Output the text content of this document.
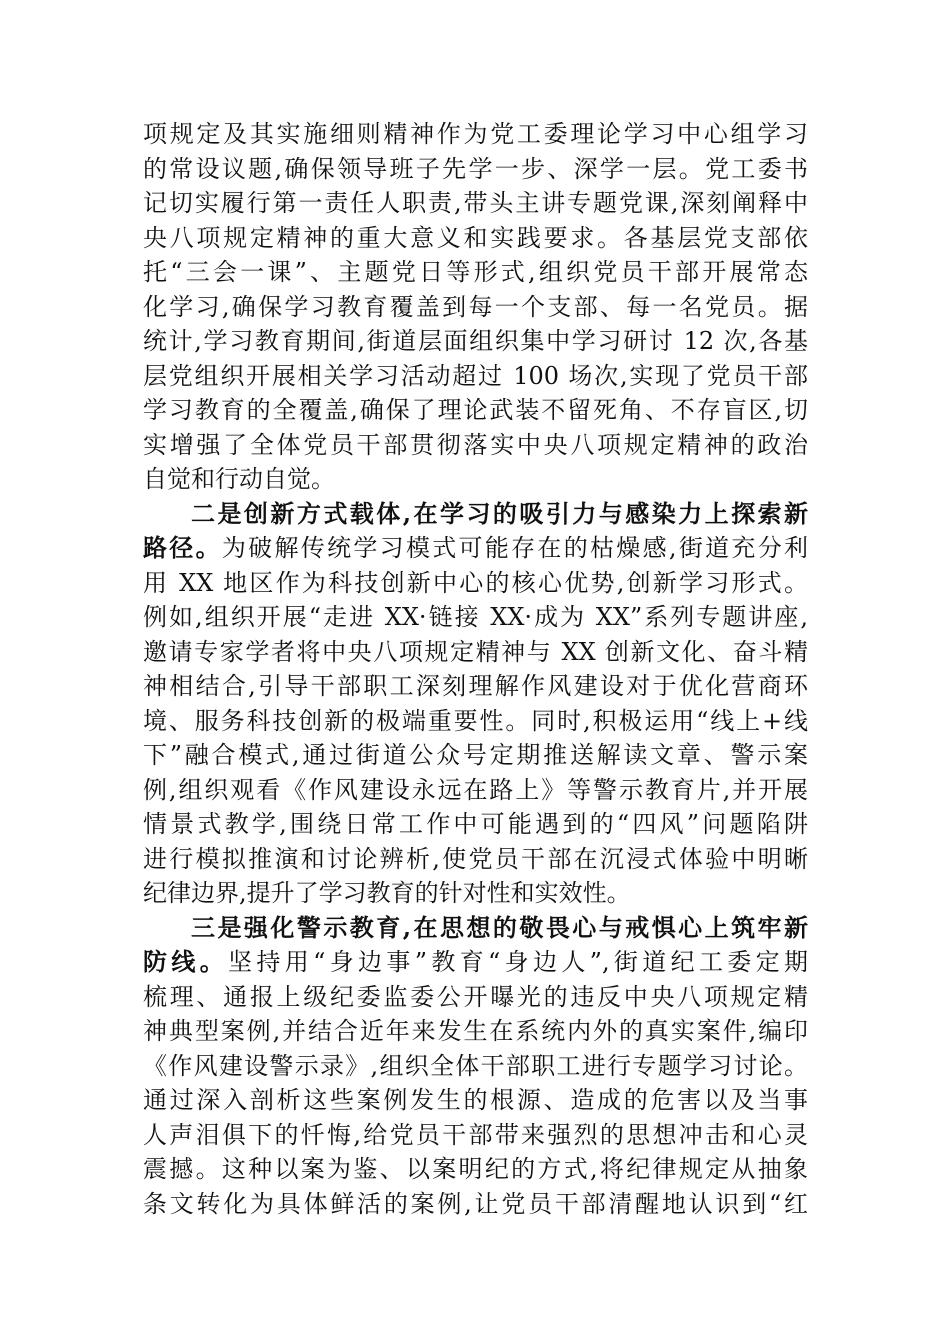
项规定及其实施细则精神作为党工委理论学习中心组学习
的常设议题,确保领导班子先学一步、深学一层。党工委书
记切实履行第一责任人职责,带头主讲专题党课,深刻阐释中
央八项规定精神的重大意义和实践要求。各基层党支部依
托“三会一课”、主题党日等形式,组织党员干部开展常态
化学习,确保学习教育覆盖到每一个支部、每一名党员。据
统计,学习教育期间,街道层面组织集中学习研讨 12 次,各基
层党组织开展相关学习活动超过 100 场次,实现了党员干部
学习教育的全覆盖,确保了理论武装不留死角、不存盲区,切
实增强了全体党员干部贯彻落实中央八项规定精神的政治
自觉和行动自觉。
二是创新方式载体,在学习的吸引力与感染力上探索新
路径。为破解传统学习模式可能存在的枯燥感,街道充分利
用 XX 地区作为科技创新中心的核心优势,创新学习形式。
例如,组织开展“走进 XX·链接 XX·成为 XX”系列专题讲座,
邀请专家学者将中央八项规定精神与 XX 创新文化、奋斗精
神相结合,引导干部职工深刻理解作风建设对于优化营商环
境、服务科技创新的极端重要性。同时,积极运用“线上+线
下”融合模式,通过街道公众号定期推送解读文章、警示案
例,组织观看《作风建设永远在路上》等警示教育片,并开展
情景式教学,围绕日常工作中可能遇到的“四风”问题陷阱
进行模拟推演和讨论辨析,使党员干部在沉浸式体验中明晰
纪律边界,提升了学习教育的针对性和实效性。
三是强化警示教育,在思想的敬畏心与戒惧心上筑牢新
防线。坚持用“身边事”教育“身边人”,街道纪工委定期
梳理、通报上级纪委监委公开曝光的违反中央八项规定精
神典型案例,并结合近年来发生在系统内外的真实案件,编印
《作风建设警示录》,组织全体干部职工进行专题学习讨论。
通过深入剖析这些案例发生的根源、造成的危害以及当事
人声泪俱下的忏悔,给党员干部带来强烈的思想冲击和心灵
震撼。这种以案为鉴、以案明纪的方式,将纪律规定从抽象
条文转化为具体鲜活的案例,让党员干部清醒地认识到“红
